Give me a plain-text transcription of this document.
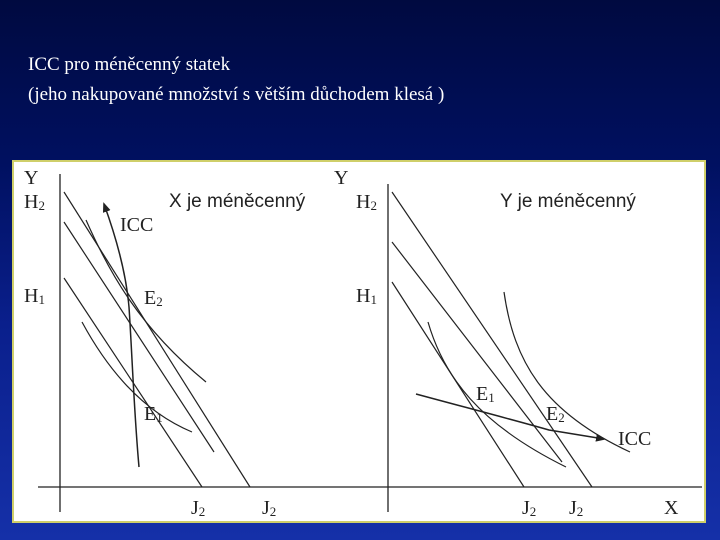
ICC pro méněcenný statek
(jeho nakupované množství s větším důchodem klesá )
Y
H2
H1
X je méněcenný
ICC
E2
E1
J2	J2
Y
H2
H1
Y je méněcenný
E1
E2
ICC
J2 J2	X
